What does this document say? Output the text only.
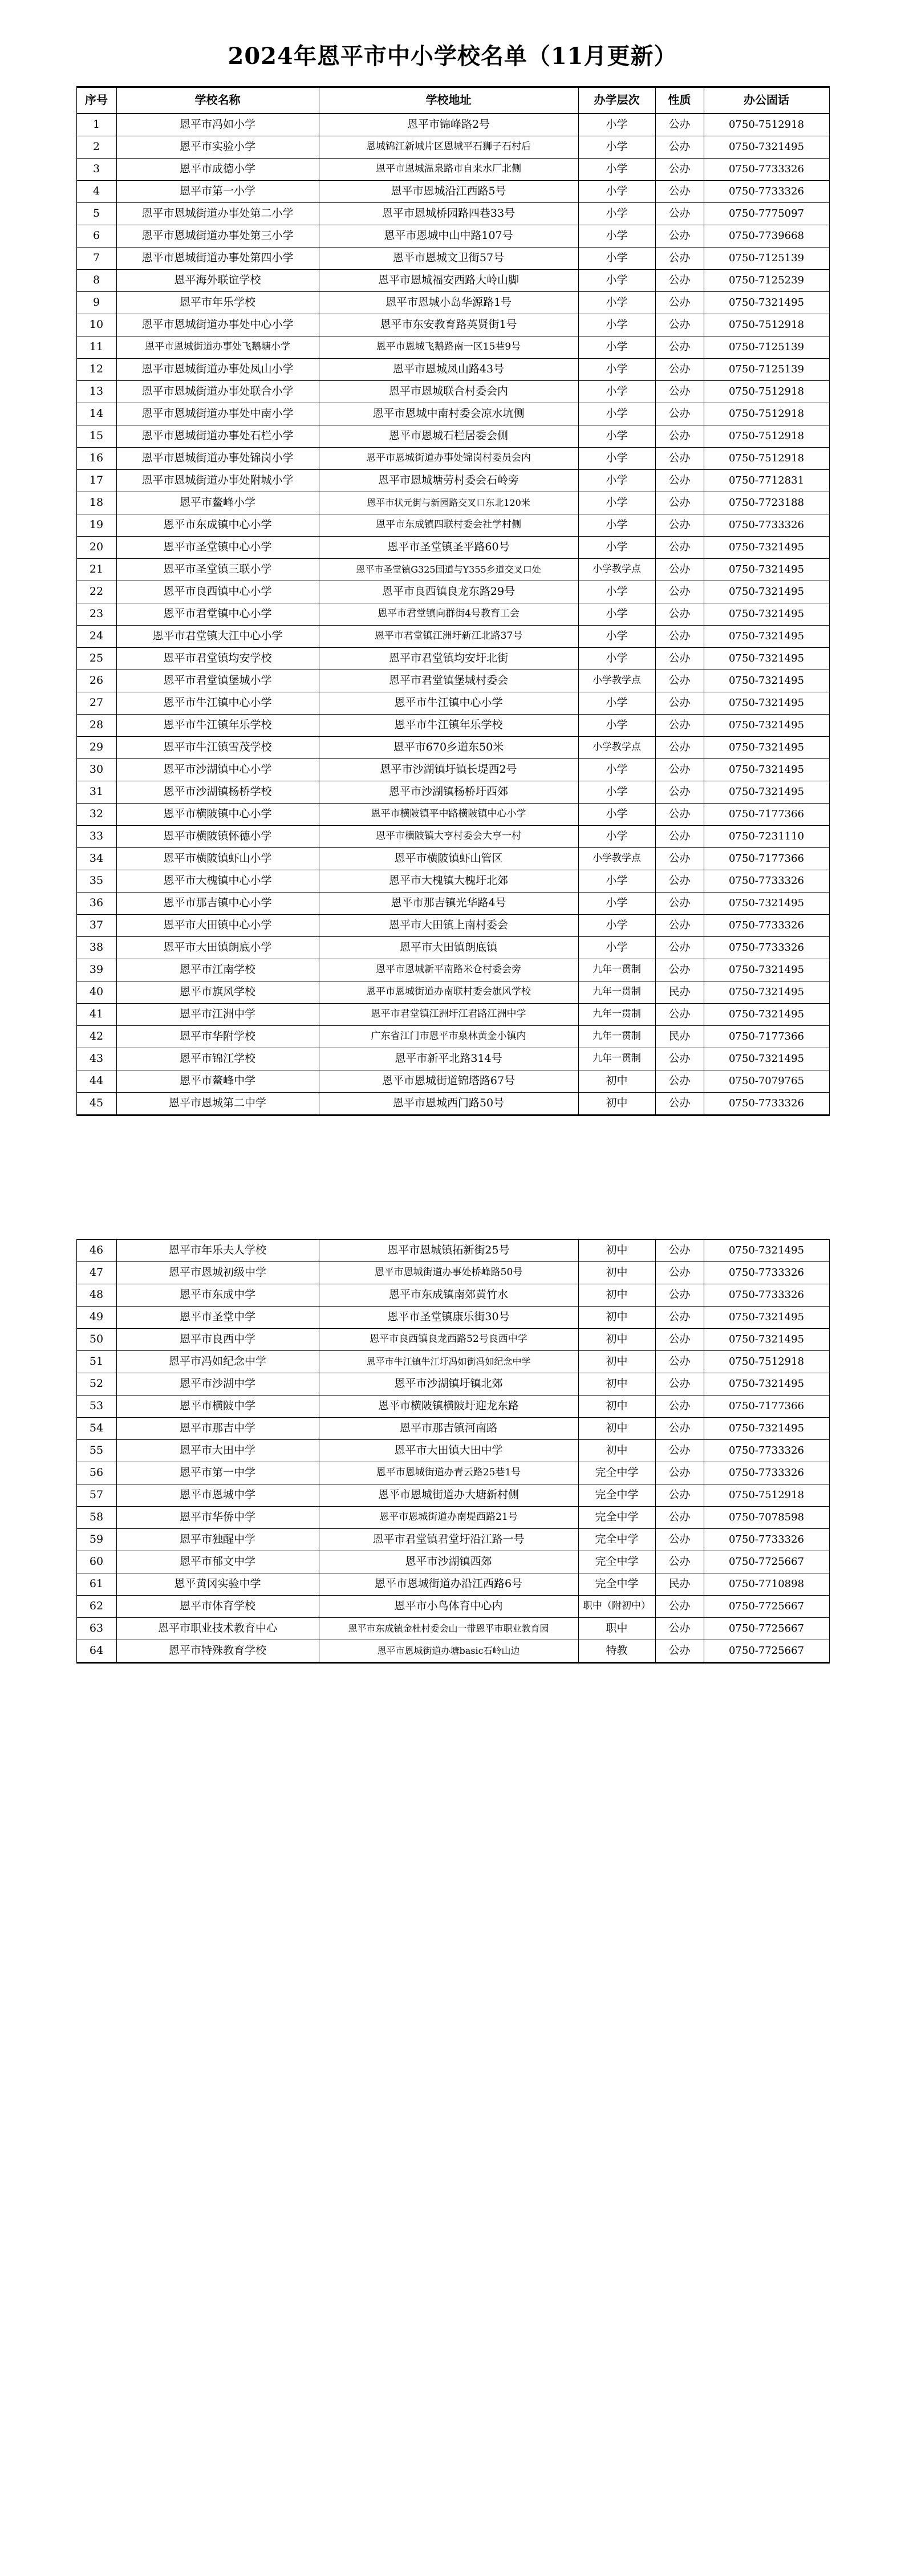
2024年恩平市中小学校名单（11月更新）
序号	学校名称	学校地址	办学层次	性质	办公固话
1	恩平市冯如小学	恩平市锦峰路2号	小学	公办	0750-7512918
2	恩平市实验小学	恩城锦江新城片区恩城平石狮子石村后	小学	公办	0750-7321495
3	恩平市成德小学	恩平市恩城温泉路市自来水厂北侧	小学	公办	0750-7733326
4	恩平市第一小学	恩平市恩城沿江西路5号	小学	公办	0750-7733326
5	恩平市恩城街道办事处第二小学	恩平市恩城桥园路四巷33号	小学	公办	0750-7775097
6	恩平市恩城街道办事处第三小学	恩平市恩城中山中路107号	小学	公办	0750-7739668
7	恩平市恩城街道办事处第四小学	恩平市恩城文卫街57号	小学	公办	0750-7125139
8	恩平海外联谊学校	恩平市恩城福安西路大岭山脚	小学	公办	0750-7125239
9	恩平市年乐学校	恩平市恩城小岛华源路1号	小学	公办	0750-7321495
10	恩平市恩城街道办事处中心小学	恩平市东安教育路英贤街1号	小学	公办	0750-7512918
11	恩平市恩城街道办事处飞鹅塘小学	恩平市恩城飞鹅路南一区15巷9号	小学	公办	0750-7125139
12	恩平市恩城街道办事处凤山小学	恩平市恩城凤山路43号	小学	公办	0750-7125139
13	恩平市恩城街道办事处联合小学	恩平市恩城联合村委会内	小学	公办	0750-7512918
14	恩平市恩城街道办事处中南小学	恩平市恩城中南村委会凉水坑侧	小学	公办	0750-7512918
15	恩平市恩城街道办事处石栏小学	恩平市恩城石栏居委会侧	小学	公办	0750-7512918
16	恩平市恩城街道办事处锦岗小学	恩平市恩城街道办事处锦岗村委员会内	小学	公办	0750-7512918
17	恩平市恩城街道办事处附城小学	恩平市恩城塘劳村委会石岭旁	小学	公办	0750-7712831
18	恩平市鳌峰小学	恩平市状元街与新园路交叉口东北120米	小学	公办	0750-7723188
19	恩平市东成镇中心小学	恩平市东成镇四联村委会社学村侧	小学	公办	0750-7733326
20	恩平市圣堂镇中心小学	恩平市圣堂镇圣平路60号	小学	公办	0750-7321495
21	恩平市圣堂镇三联小学	恩平市圣堂镇G325国道与Y355乡道交叉口处	小学教学点	公办	0750-7321495
22	恩平市良西镇中心小学	恩平市良西镇良龙东路29号	小学	公办	0750-7321495
23	恩平市君堂镇中心小学	恩平市君堂镇向群街4号教育工会	小学	公办	0750-7321495
24	恩平市君堂镇大江中心小学	恩平市君堂镇江洲圩新江北路37号	小学	公办	0750-7321495
25	恩平市君堂镇均安学校	恩平市君堂镇均安圩北街	小学	公办	0750-7321495
26	恩平市君堂镇堡城小学	恩平市君堂镇堡城村委会	小学教学点	公办	0750-7321495
27	恩平市牛江镇中心小学	恩平市牛江镇中心小学	小学	公办	0750-7321495
28	恩平市牛江镇年乐学校	恩平市牛江镇年乐学校	小学	公办	0750-7321495
29	恩平市牛江镇雪茂学校	恩平市670乡道东50米	小学教学点	公办	0750-7321495
30	恩平市沙湖镇中心小学	恩平市沙湖镇圩镇长堤西2号	小学	公办	0750-7321495
31	恩平市沙湖镇杨桥学校	恩平市沙湖镇杨桥圩西郊	小学	公办	0750-7321495
32	恩平市横陂镇中心小学	恩平市横陂镇平中路横陂镇中心小学	小学	公办	0750-7177366
33	恩平市横陂镇怀德小学	恩平市横陂镇大亨村委会大亨一村	小学	公办	0750-7231110
34	恩平市横陂镇虾山小学	恩平市横陂镇虾山管区	小学教学点	公办	0750-7177366
35	恩平市大槐镇中心小学	恩平市大槐镇大槐圩北郊	小学	公办	0750-7733326
36	恩平市那吉镇中心小学	恩平市那吉镇光华路4号	小学	公办	0750-7321495
37	恩平市大田镇中心小学	恩平市大田镇上南村委会	小学	公办	0750-7733326
38	恩平市大田镇朗底小学	恩平市大田镇朗底镇	小学	公办	0750-7733326
39	恩平市江南学校	恩平市恩城新平南路米仓村委会旁	九年一贯制	公办	0750-7321495
40	恩平市旗风学校	恩平市恩城街道办南联村委会旗风学校	九年一贯制	民办	0750-7321495
41	恩平市江洲中学	恩平市君堂镇江洲圩江君路江洲中学	九年一贯制	公办	0750-7321495
42	恩平市华附学校	广东省江门市恩平市泉林黄金小镇内	九年一贯制	民办	0750-7177366
43	恩平市锦江学校	恩平市新平北路314号	九年一贯制	公办	0750-7321495
44	恩平市鳌峰中学	恩平市恩城街道锦塔路67号	初中	公办	0750-7079765
45	恩平市恩城第二中学	恩平市恩城西门路50号	初中	公办	0750-7733326
46	恩平市年乐夫人学校	恩平市恩城镇拓新街25号	初中	公办	0750-7321495
47	恩平市恩城初级中学	恩平市恩城街道办事处桥峰路50号	初中	公办	0750-7733326
48	恩平市东成中学	恩平市东成镇南郊黄竹水	初中	公办	0750-7733326
49	恩平市圣堂中学	恩平市圣堂镇康乐街30号	初中	公办	0750-7321495
50	恩平市良西中学	恩平市良西镇良龙西路52号良西中学	初中	公办	0750-7321495
51	恩平市冯如纪念中学	恩平市牛江镇牛江圩冯如街冯如纪念中学	初中	公办	0750-7512918
52	恩平市沙湖中学	恩平市沙湖镇圩镇北郊	初中	公办	0750-7321495
53	恩平市横陂中学	恩平市横陂镇横陂圩迎龙东路	初中	公办	0750-7177366
54	恩平市那吉中学	恩平市那吉镇河南路	初中	公办	0750-7321495
55	恩平市大田中学	恩平市大田镇大田中学	初中	公办	0750-7733326
56	恩平市第一中学	恩平市恩城街道办青云路25巷1号	完全中学	公办	0750-7733326
57	恩平市恩城中学	恩平市恩城街道办大塘新村侧	完全中学	公办	0750-7512918
58	恩平市华侨中学	恩平市恩城街道办南堤西路21号	完全中学	公办	0750-7078598
59	恩平市独醒中学	恩平市君堂镇君堂圩沿江路一号	完全中学	公办	0750-7733326
60	恩平市郁文中学	恩平市沙湖镇西郊	完全中学	公办	0750-7725667
61	恩平黄冈实验中学	恩平市恩城街道办沿江西路6号	完全中学	民办	0750-7710898
62	恩平市体育学校	恩平市小鸟体育中心内	职中（附初中）	公办	0750-7725667
63	恩平市职业技术教育中心	恩平市东成镇金杜村委会山一带恩平市职业教育园	职中	公办	0750-7725667
64	恩平市特殊教育学校	恩平市恩城街道办塘basic石岭山边	特教	公办	0750-7725667
